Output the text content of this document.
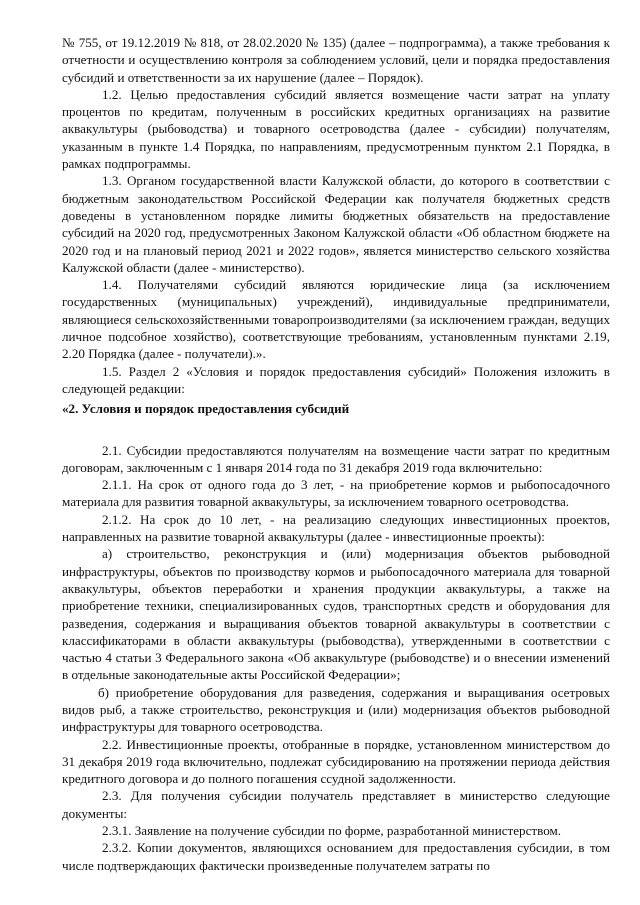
№ 755, от 19.12.2019 № 818, от 28.02.2020 № 135) (далее – подпрограмма), а также требования к отчетности и осуществлению контроля за соблюдением условий, цели и порядка предоставления субсидий и ответственности за их нарушение (далее – Порядок).

1.2. Целью предоставления субсидий является возмещение части затрат на уплату процентов по кредитам, полученным в российских кредитных организациях на развитие аквакультуры (рыбоводства) и товарного осетроводства (далее - субсидии) получателям, указанным в пункте 1.4 Порядка, по направлениям, предусмотренным пунктом 2.1 Порядка, в рамках подпрограммы.

1.3. Органом государственной власти Калужской области, до которого в соответствии с бюджетным законодательством Российской Федерации как получателя бюджетных средств доведены в установленном порядке лимиты бюджетных обязательств на предоставление субсидий на 2020 год, предусмотренных Законом Калужской области «Об областном бюджете на 2020 год и на плановый период 2021 и 2022 годов», является министерство сельского хозяйства Калужской области (далее - министерство).

1.4. Получателями субсидий являются юридические лица (за исключением государственных (муниципальных) учреждений), индивидуальные предприниматели, являющиеся сельскохозяйственными товаропроизводителями (за исключением граждан, ведущих личное подсобное хозяйство), соответствующие требованиям, установленным пунктами 2.19, 2.20 Порядка (далее - получатели).».

1.5. Раздел 2 «Условия и порядок предоставления субсидий» Положения изложить в следующей редакции:

«2. Условия и порядок предоставления субсидий

2.1. Субсидии предоставляются получателям на возмещение части затрат по кредитным договорам, заключенным с 1 января 2014 года по 31 декабря 2019 года включительно:

2.1.1. На срок от одного года до 3 лет, - на приобретение кормов и рыбопосадочного материала для развития товарной аквакультуры, за исключением товарного осетроводства.

2.1.2. На срок до 10 лет, - на реализацию следующих инвестиционных проектов, направленных на развитие товарной аквакультуры (далее - инвестиционные проекты):

а) строительство, реконструкция и (или) модернизация объектов рыбоводной инфраструктуры, объектов по производству кормов и рыбопосадочного материала для товарной аквакультуры, объектов переработки и хранения продукции аквакультуры, а также на приобретение техники, специализированных судов, транспортных средств и оборудования для разведения, содержания и выращивания объектов товарной аквакультуры в соответствии с классификаторами в области аквакультуры (рыбоводства), утвержденными в соответствии с частью 4 статьи 3 Федерального закона «Об аквакультуре (рыбоводстве) и о внесении изменений в отдельные законодательные акты Российской Федерации»;

б) приобретение оборудования для разведения, содержания и выращивания осетровых видов рыб, а также строительство, реконструкция и (или) модернизация объектов рыбоводной инфраструктуры для товарного осетроводства.

2.2. Инвестиционные проекты, отобранные в порядке, установленном министерством до 31 декабря 2019 года включительно, подлежат субсидированию на протяжении периода действия кредитного договора и до полного погашения ссудной задолженности.

2.3. Для получения субсидии получатель представляет в министерство следующие документы:

2.3.1. Заявление на получение субсидии по форме, разработанной министерством.

2.3.2. Копии документов, являющихся основанием для предоставления субсидии, в том числе подтверждающих фактически произведенные получателем затраты по
